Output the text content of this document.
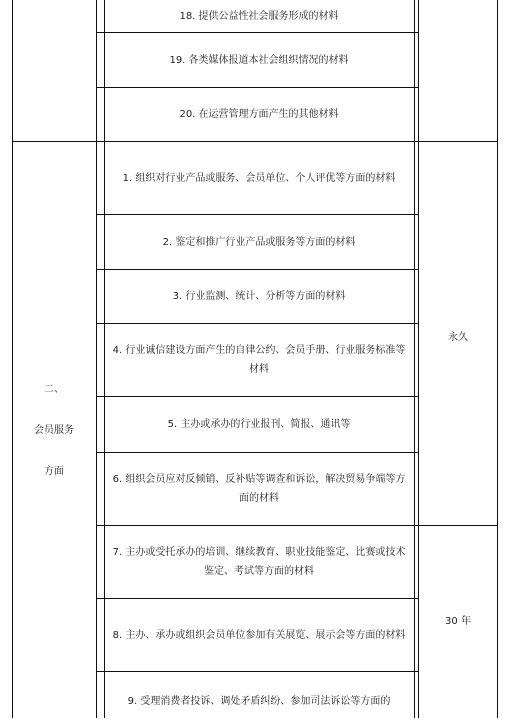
18. 提供公益性社会服务形成的材料
19. 各类媒体报道本社会组织情况的材料
20. 在运营管理方面产生的其他材料
二、
会员服务
方面
1. 组织对行业产品或服务、会员单位、个人评优等方面的材料
2. 鉴定和推广行业产品或服务等方面的材料
3. 行业监测、统计、分析等方面的材料
4. 行业诚信建设方面产生的自律公约、会员手册、行业服务标准等材料
5. 主办或承办的行业报刊、简报、通讯等
6. 组织会员应对反倾销、反补贴等调查和诉讼，解决贸易争端等方面的材料
7. 主办或受托承办的培训、继续教育、职业技能鉴定、比赛或技术鉴定、考试等方面的材料
8. 主办、承办或组织会员单位参加有关展览、展示会等方面的材料
9. 受理消费者投诉、调处矛盾纠纷、参加司法诉讼等方面的
永久
30 年
